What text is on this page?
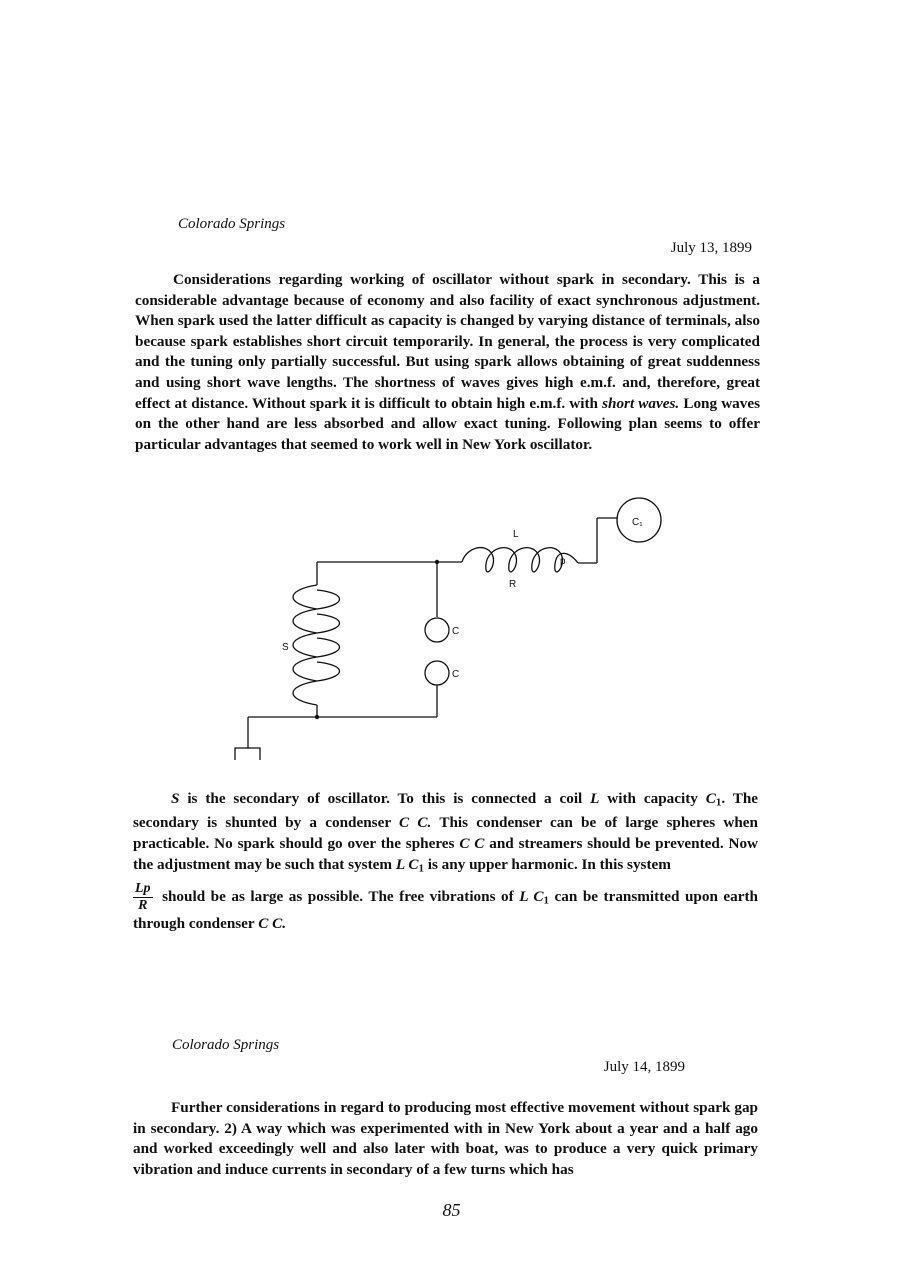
Colorado Springs
July 13, 1899

Considerations regarding working of oscillator without spark in secondary. This is a considerable advantage because of economy and also facility of exact synchronous adjustment. When spark used the latter difficult as capacity is changed by varying distance of terminals, also because spark establishes short circuit temporarily. In general, the process is very complicated and the tuning only partially successful. But using spark allows obtaining of great suddenness and using short wave lengths. The shortness of waves gives high e.m.f. and, therefore, great effect at distance. Without spark it is difficult to obtain high e.m.f. with short waves. Long waves on the other hand are less absorbed and allow exact tuning. Following plan seems to offer particular advantages that seemed to work well in New York oscillator.

L
R
p
C₁
S
C
C
S is the secondary of oscillator. To this is connected a coil L with capacity $C_1$. The secondary is shunted by a condenser C C. This condenser can be of large spheres when practicable. No spark should go over the spheres C C and streamers should be prevented. Now the adjustment may be such that system L $C_1$ is any upper harmonic. In this system
$\frac{Lp}{R}$ should be as large as possible. The free vibrations of L $C_1$ can be transmitted upon earth through condenser C C.
Colorado Springs
July 14, 1899

Further considerations in regard to producing most effective movement without spark gap in secondary. 2) A way which was experimented with in New York about a year and a half ago and worked exceedingly well and also later with boat, was to produce a very quick primary vibration and induce currents in secondary of a few turns which has

85
